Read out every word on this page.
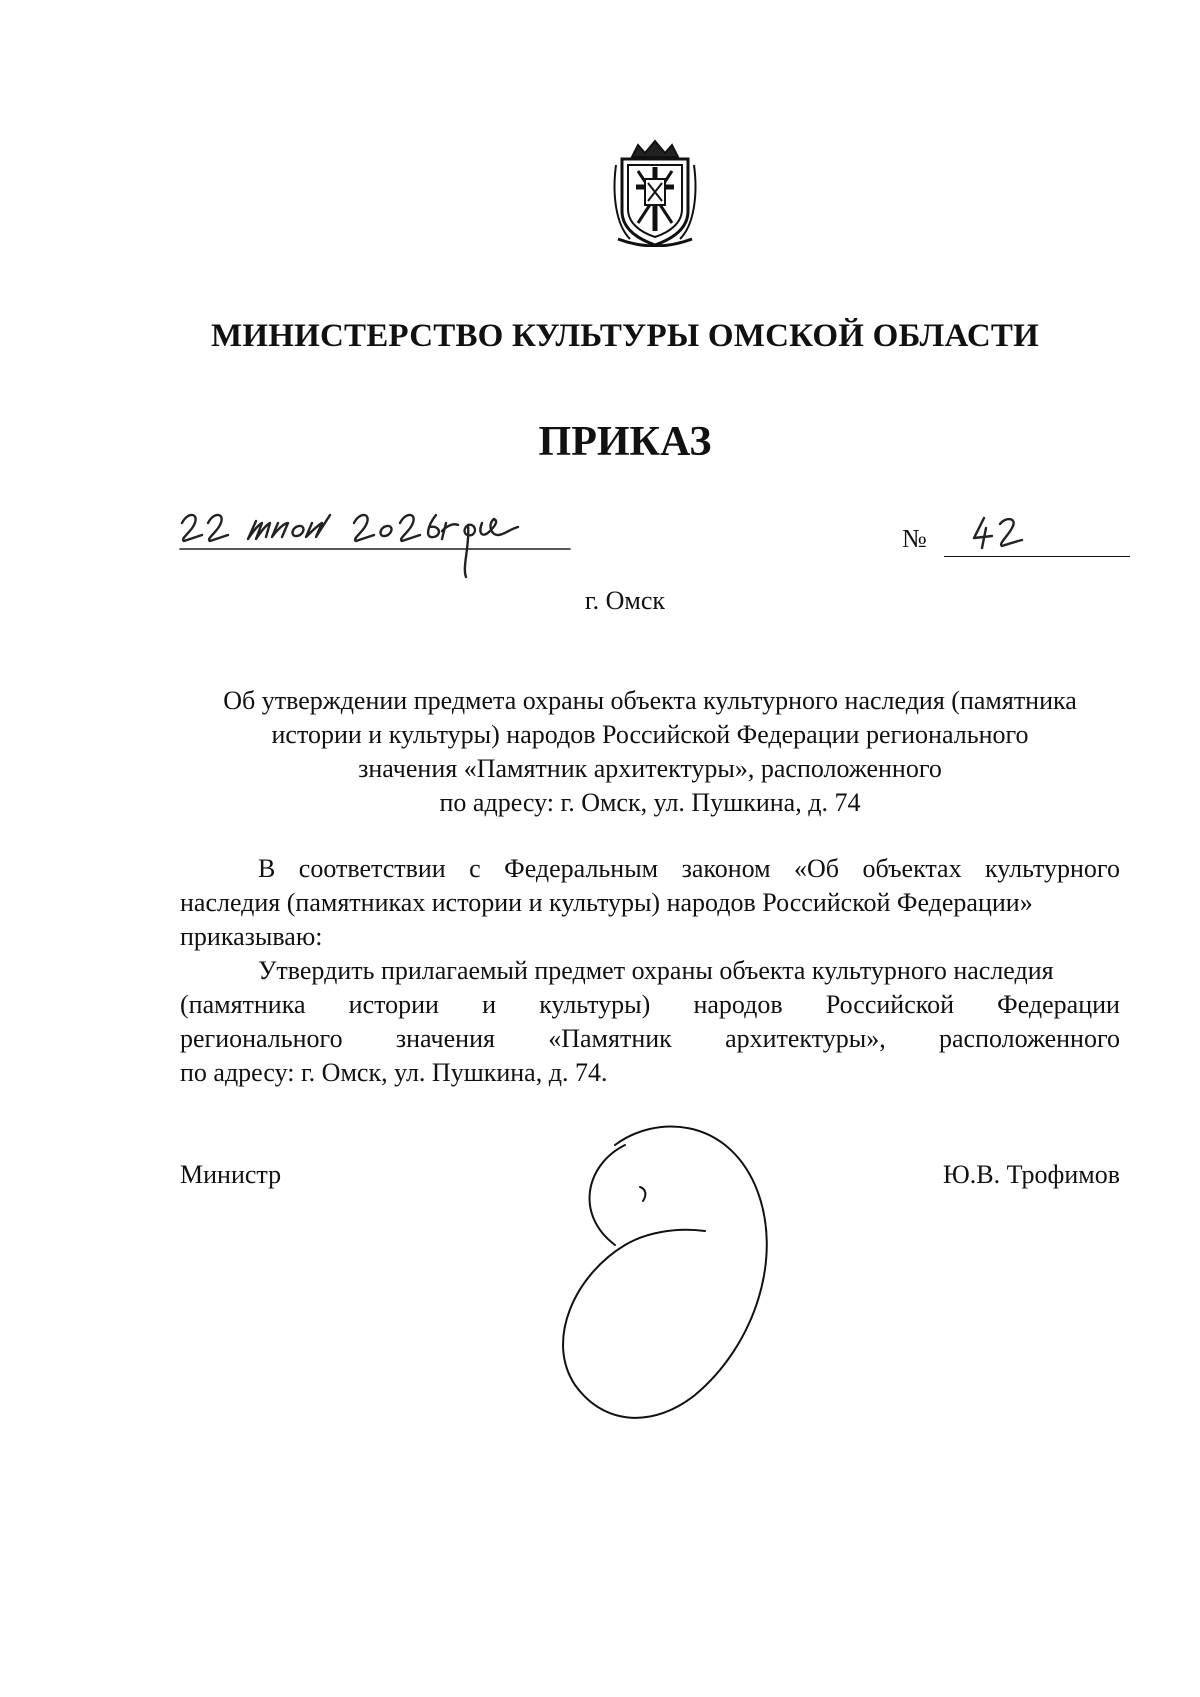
МИНИСТЕРСТВО КУЛЬТУРЫ ОМСКОЙ ОБЛАСТИ
ПРИКАЗ
№
г. Омск
Об утверждении предмета охраны объекта культурного наследия (памятника
истории и культуры) народов Российской Федерации регионального
значения «Памятник архитектуры», расположенного
по адресу: г. Омск, ул. Пушкина, д. 74
В соответствии с Федеральным законом «Об объектах культурного
наследия (памятниках истории и культуры) народов Российской Федерации»
приказываю:
Утвердить прилагаемый предмет охраны объекта культурного наследия
(памятника истории и культуры) народов Российской Федерации
регионального значения «Памятник архитектуры», расположенного
по адресу: г. Омск, ул. Пушкина, д. 74.
Министр	Ю.В. Трофимов
